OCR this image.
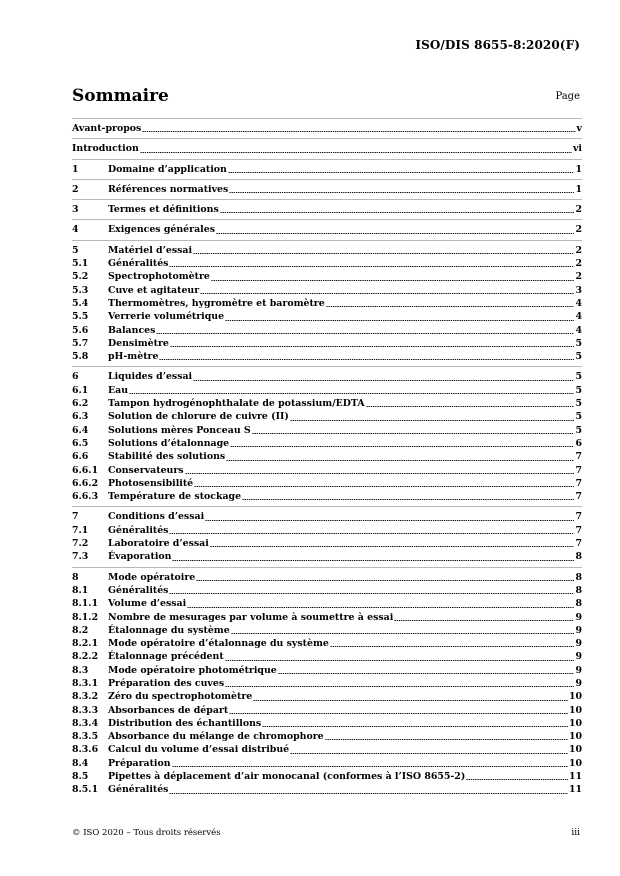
ISO/DIS 8655-8:2020(F)
Sommaire	Page
Avant-propos	v
Introduction	vi
1	Domaine d’application	1
2	Références normatives	1
3	Termes et définitions	2
4	Exigences générales	2
5	Matériel d’essai	2
5.1	Généralités	2
5.2	Spectrophotomètre	2
5.3	Cuve et agitateur	3
5.4	Thermomètres, hygromètre et baromètre	4
5.5	Verrerie volumétrique	4
5.6	Balances	4
5.7	Densimètre	5
5.8	pH-mètre	5
6	Liquides d’essai	5
6.1	Eau	5
6.2	Tampon hydrogénophthalate de potassium/EDTA	5
6.3	Solution de chlorure de cuivre (II)	5
6.4	Solutions mères Ponceau S	5
6.5	Solutions d’étalonnage	6
6.6	Stabilité des solutions	7
6.6.1	Conservateurs	7
6.6.2	Photosensibilité	7
6.6.3	Température de stockage	7
7	Conditions d’essai	7
7.1	Généralités	7
7.2	Laboratoire d’essai	7
7.3	Évaporation	8
8	Mode opératoire	8
8.1	Généralités	8
8.1.1	Volume d’essai	8
8.1.2	Nombre de mesurages par volume à soumettre à essai	9
8.2	Étalonnage du système	9
8.2.1	Mode opératoire d’étalonnage du système	9
8.2.2	Étalonnage précédent	9
8.3	Mode opératoire photométrique	9
8.3.1	Préparation des cuves	9
8.3.2	Zéro du spectrophotomètre	10
8.3.3	Absorbances de départ	10
8.3.4	Distribution des échantillons	10
8.3.5	Absorbance du mélange de chromophore	10
8.3.6	Calcul du volume d’essai distribué	10
8.4	Préparation	10
8.5	Pipettes à déplacement d’air monocanal (conformes à l’ISO 8655-2)	11
8.5.1	Généralités	11
© ISO 2020 – Tous droits réservés	iii
